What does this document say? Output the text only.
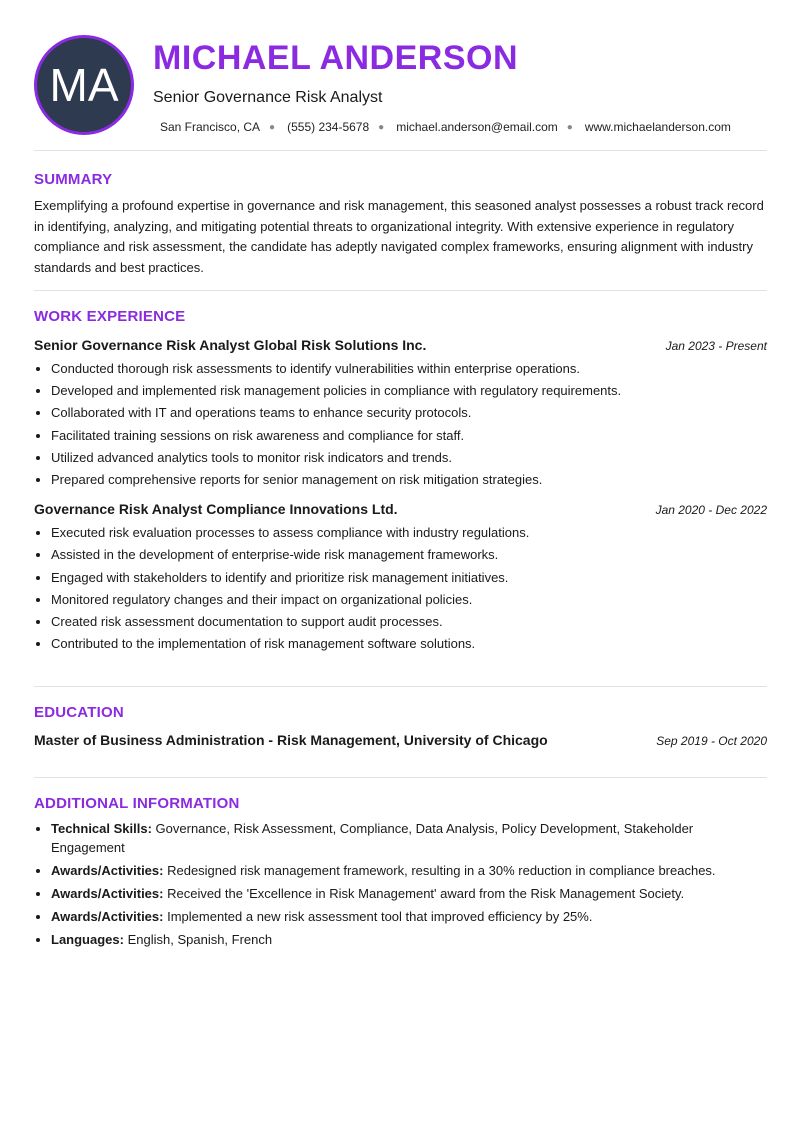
MA
MICHAEL ANDERSON
Senior Governance Risk Analyst
San Francisco, CA ● (555) 234-5678 ● michael.anderson@email.com ● www.michaelanderson.com
SUMMARY

Exemplifying a profound expertise in governance and risk management, this seasoned analyst possesses a robust track record in identifying, analyzing, and mitigating potential threats to organizational integrity. With extensive experience in regulatory compliance and risk assessment, the candidate has adeptly navigated complex frameworks, ensuring alignment with industry standards and best practices.

WORK EXPERIENCE
Senior Governance Risk Analyst Global Risk Solutions Inc.	Jan 2023 - Present
• Conducted thorough risk assessments to identify vulnerabilities within enterprise operations.
• Developed and implemented risk management policies in compliance with regulatory requirements.
• Collaborated with IT and operations teams to enhance security protocols.
• Facilitated training sessions on risk awareness and compliance for staff.
• Utilized advanced analytics tools to monitor risk indicators and trends.
• Prepared comprehensive reports for senior management on risk mitigation strategies.
Governance Risk Analyst Compliance Innovations Ltd.	Jan 2020 - Dec 2022
• Executed risk evaluation processes to assess compliance with industry regulations.
• Assisted in the development of enterprise-wide risk management frameworks.
• Engaged with stakeholders to identify and prioritize risk management initiatives.
• Monitored regulatory changes and their impact on organizational policies.
• Created risk assessment documentation to support audit processes.
• Contributed to the implementation of risk management software solutions.
EDUCATION
Master of Business Administration - Risk Management, University of Chicago	Sep 2019 - Oct 2020
ADDITIONAL INFORMATION
• Technical Skills: Governance, Risk Assessment, Compliance, Data Analysis, Policy Development, Stakeholder Engagement
• Awards/Activities: Redesigned risk management framework, resulting in a 30% reduction in compliance breaches.
• Awards/Activities: Received the 'Excellence in Risk Management' award from the Risk Management Society.
• Awards/Activities: Implemented a new risk assessment tool that improved efficiency by 25%.
• Languages: English, Spanish, French
